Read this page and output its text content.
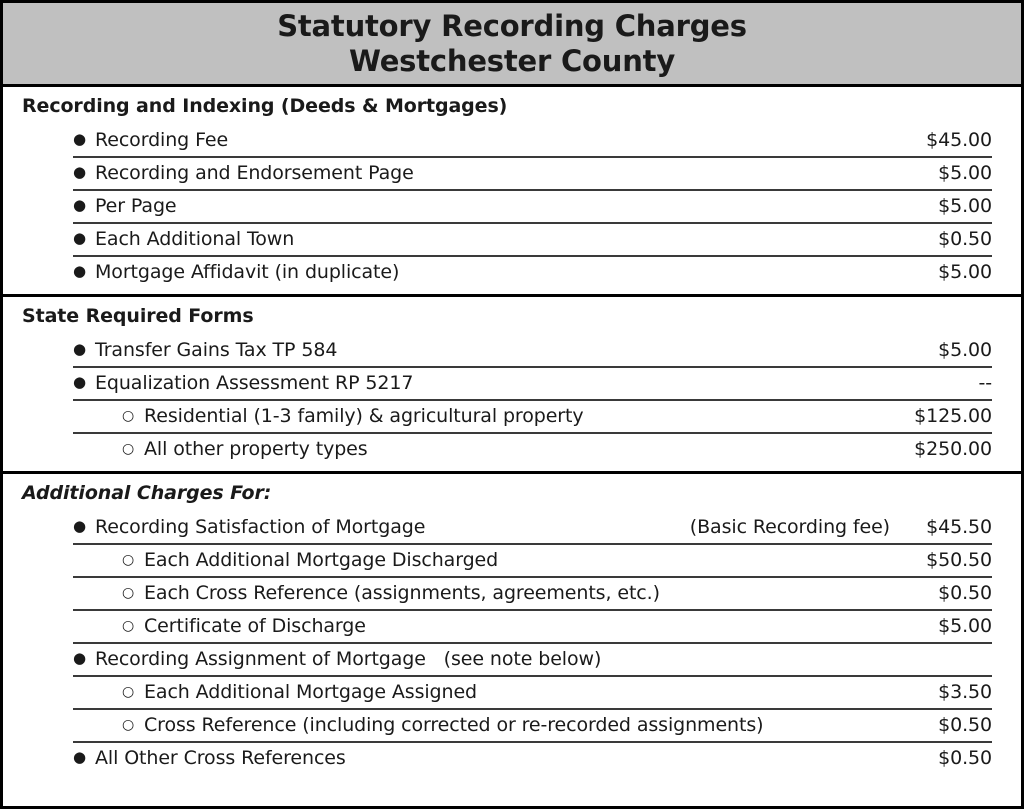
Statutory Recording Charges
Westchester County
Recording and Indexing (Deeds & Mortgages)
● Recording Fee	$45.00
● Recording and Endorsement Page	$5.00
● Per Page	$5.00
● Each Additional Town	$0.50
● Mortgage Affidavit (in duplicate)	$5.00
State Required Forms
● Transfer Gains Tax TP 584	$5.00
● Equalization Assessment RP 5217	--
○ Residential (1-3 family) & agricultural property	$125.00
○ All other property types	$250.00
Additional Charges For:
● Recording Satisfaction of Mortgage	(Basic Recording fee)	$45.50
○ Each Additional Mortgage Discharged	$50.50
○ Each Cross Reference (assignments, agreements, etc.)	$0.50
○ Certificate of Discharge	$5.00
● Recording Assignment of Mortgage   (see note below)
○ Each Additional Mortgage Assigned	$3.50
○ Cross Reference (including corrected or re-recorded assignments)	$0.50
● All Other Cross References	$0.50
